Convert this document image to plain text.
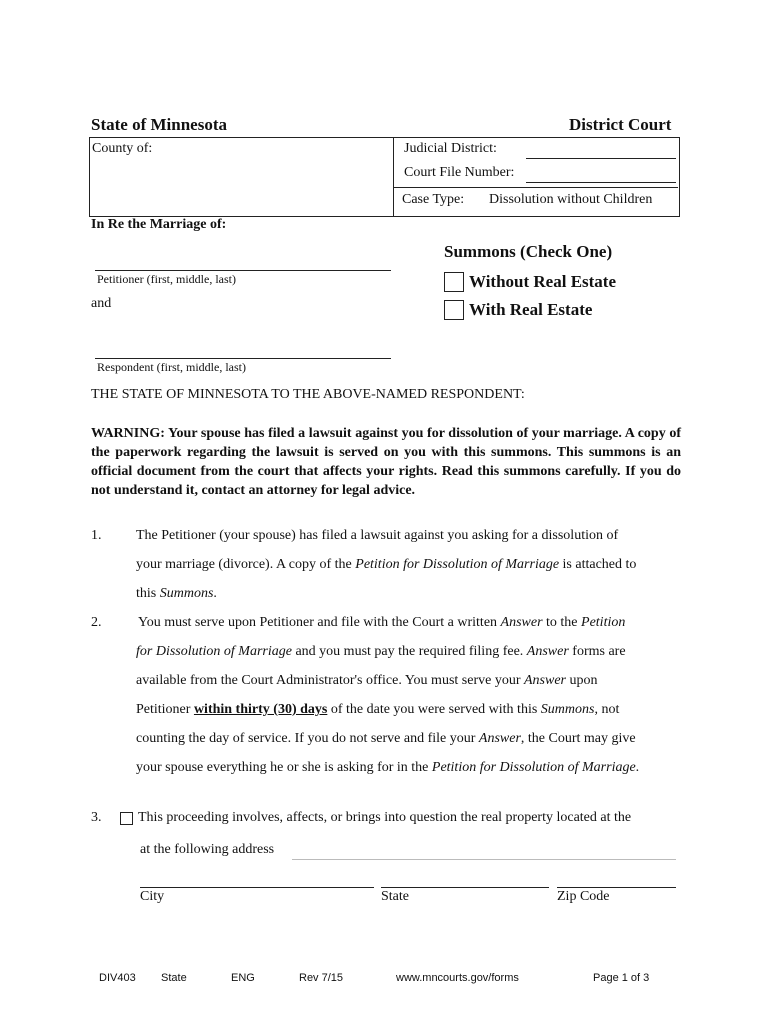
State of Minnesota	District Court
County of:	Judicial District:
Court File Number:
Case Type: Dissolution without Children
In Re the Marriage of:
Petitioner (first, middle, last)
and
Respondent (first, middle, last)
Summons (Check One)
Without Real Estate
With Real Estate
THE STATE OF MINNESOTA TO THE ABOVE-NAMED RESPONDENT:
WARNING: Your spouse has filed a lawsuit against you for dissolution of your marriage. A copy of the paperwork regarding the lawsuit is served on you with this summons. This summons is an official document from the court that affects your rights. Read this summons carefully. If you do not understand it, contact an attorney for legal advice.
1. The Petitioner (your spouse) has filed a lawsuit against you asking for a dissolution of
your marriage (divorce). A copy of the Petition for Dissolution of Marriage is attached to
this Summons.
2.	You must serve upon Petitioner and file with the Court a written Answer to the Petition
for Dissolution of Marriage and you must pay the required filing fee. Answer forms are
available from the Court Administrator's office. You must serve your Answer upon
Petitioner within thirty (30) days of the date you were served with this Summons, not
counting the day of service. If you do not serve and file your Answer, the Court may give
your spouse everything he or she is asking for in the Petition for Dissolution of Marriage.
3.	This proceeding involves, affects, or brings into question the real property located at the
at the following address
City	State	Zip Code
DIV403 State	ENG	Rev 7/15	www.mncourts.gov/forms	Page 1 of 3
